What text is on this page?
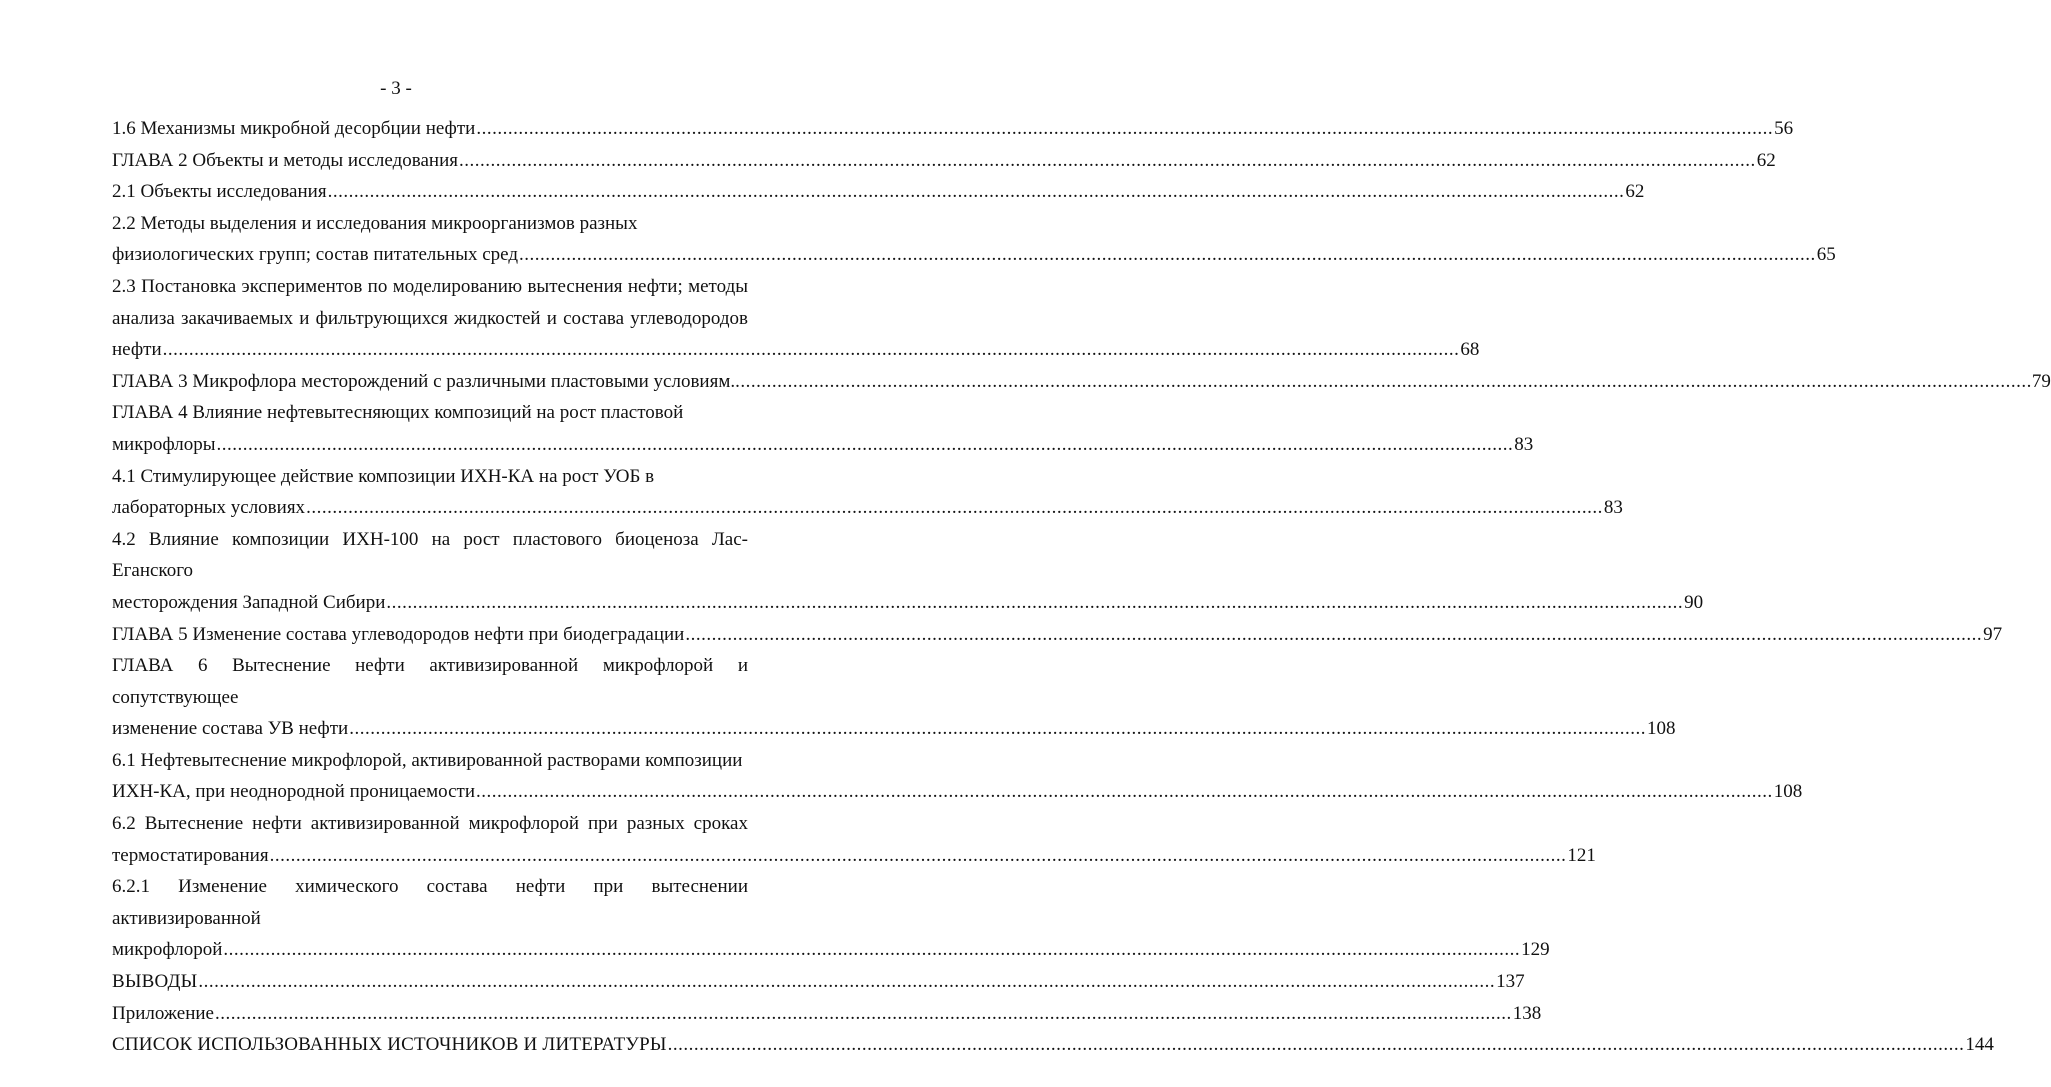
- 3 -
1.6 Механизмы микробной десорбции нефти .....	56
ГЛАВА 2 Объекты и методы исследования .....	62
2.1 Объекты исследования .....	62
2.2 Методы выделения и исследования микроорганизмов разных
физиологических групп; состав питательных сред .....	65
2.3 Постановка экспериментов по моделированию вытеснения нефти; методы
анализа закачиваемых и фильтрующихся жидкостей и состава углеводородов
нефти .....	68
ГЛАВА 3 Микрофлора месторождений с различными пластовыми условиям. .....	79
ГЛАВА 4 Влияние нефтевытесняющих композиций на рост пластовой
микрофлоры .....	83
4.1 Стимулирующее действие композиции ИХН-КА на рост УОБ в
лабораторных условиях .....	83
4.2 Влияние композиции ИХН-100 на рост пластового биоценоза Лас-Еганского
месторождения Западной Сибири .....	90
ГЛАВА 5 Изменение состава углеводородов нефти при биодеградации .....	97
ГЛАВА 6 Вытеснение нефти активизированной микрофлорой и сопутствующее
изменение состава УВ нефти .....	108
6.1 Нефтевытеснение микрофлорой, активированной растворами композиции
ИХН-КА, при неоднородной проницаемости .....	108
6.2 Вытеснение нефти активизированной микрофлорой при разных сроках
термостатирования .....	121
6.2.1 Изменение химического состава нефти при вытеснении активизированной
микрофлорой .....	129
ВЫВОДЫ .....	137
Приложение .....	138
СПИСОК ИСПОЛЬЗОВАННЫХ ИСТОЧНИКОВ И ЛИТЕРАТУРЫ .....	144
